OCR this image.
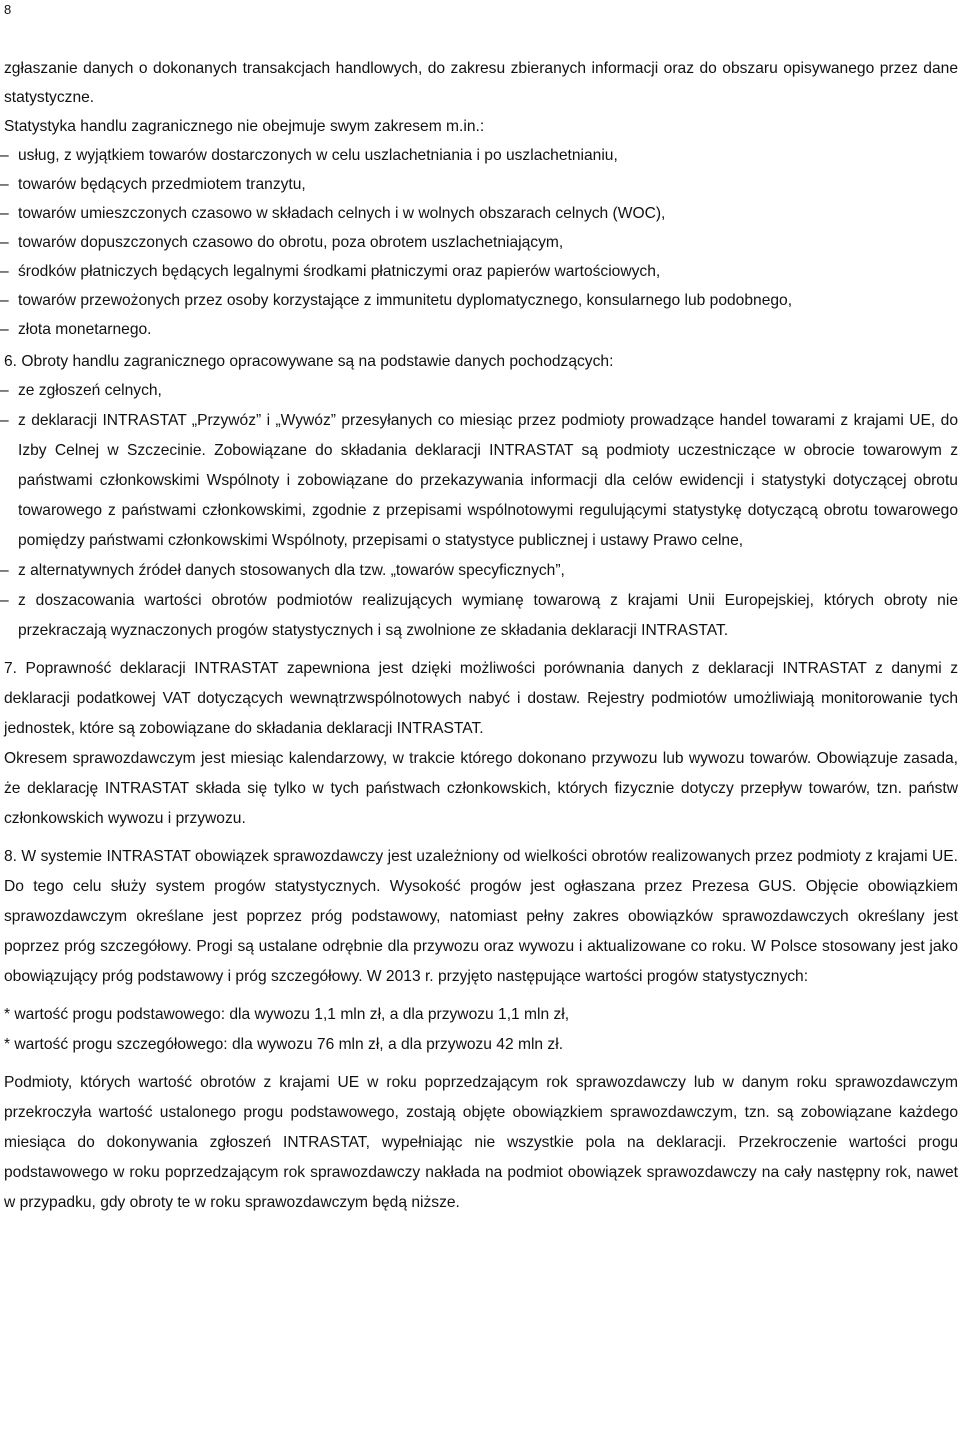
8

zgłaszanie danych o dokonanych transakcjach handlowych, do zakresu zbieranych informacji oraz do obszaru opisywanego przez dane statystyczne.

Statystyka handlu zagranicznego nie obejmuje swym zakresem m.in.:

– usług, z wyjątkiem towarów dostarczonych w celu uszlachetniania i po uszlachetnianiu,
– towarów będących przedmiotem tranzytu,
– towarów umieszczonych czasowo w składach celnych i w wolnych obszarach celnych (WOC),
– towarów dopuszczonych czasowo do obrotu, poza obrotem uszlachetniającym,
– środków płatniczych będących legalnymi środkami płatniczymi oraz papierów wartościowych,
– towarów przewożonych przez osoby korzystające z immunitetu dyplomatycznego, konsularnego lub podobnego,
– złota monetarnego.

6. Obroty handlu zagranicznego opracowywane są na podstawie danych pochodzących:

– ze zgłoszeń celnych,
– z deklaracji INTRASTAT „Przywóz” i „Wywóz” przesyłanych co miesiąc przez podmioty prowadzące handel towarami z krajami UE, do Izby Celnej w Szczecinie. Zobowiązane do składania deklaracji INTRASTAT są podmioty uczestniczące w obrocie towarowym z państwami członkowskimi Wspólnoty i zobowiązane do przekazywania informacji dla celów ewidencji i statystyki dotyczącej obrotu towarowego z państwami członkowskimi, zgodnie z przepisami wspólnotowymi regulującymi statystykę dotyczącą obrotu towarowego pomiędzy państwami członkowskimi Wspólnoty, przepisami o statystyce publicznej i ustawy Prawo celne,
– z alternatywnych źródeł danych stosowanych dla tzw. „towarów specyficznych”,
– z doszacowania wartości obrotów podmiotów realizujących wymianę towarową z krajami Unii Europejskiej, których obroty nie przekraczają wyznaczonych progów statystycznych i są zwolnione ze składania deklaracji INTRASTAT.

7. Poprawność deklaracji INTRASTAT zapewniona jest dzięki możliwości porównania danych z deklaracji INTRASTAT z danymi z deklaracji podatkowej VAT dotyczących wewnątrzwspólnotowych nabyć i dostaw. Rejestry podmiotów umożliwiają monitorowanie tych jednostek, które są zobowiązane do składania deklaracji INTRASTAT.

Okresem sprawozdawczym jest miesiąc kalendarzowy, w trakcie którego dokonano przywozu lub wywozu towarów. Obowiązuje zasada, że deklarację INTRASTAT składa się tylko w tych państwach członkowskich, których fizycznie dotyczy przepływ towarów, tzn. państw członkowskich wywozu i przywozu.

8. W systemie INTRASTAT obowiązek sprawozdawczy jest uzależniony od wielkości obrotów realizowanych przez podmioty z krajami UE. Do tego celu służy system progów statystycznych. Wysokość progów jest ogłaszana przez Prezesa GUS. Objęcie obowiązkiem sprawozdawczym określane jest poprzez próg podstawowy, natomiast pełny zakres obowiązków sprawozdawczych określany jest poprzez próg szczegółowy. Progi są ustalane odrębnie dla przywozu oraz wywozu i aktualizowane co roku. W Polsce stosowany jest jako obowiązujący próg podstawowy i próg szczegółowy. W 2013 r. przyjęto następujące wartości progów statystycznych:

* wartość progu podstawowego: dla wywozu 1,1 mln zł, a dla przywozu 1,1 mln zł,

* wartość progu szczegółowego: dla wywozu 76 mln zł, a dla przywozu 42 mln zł.

Podmioty, których wartość obrotów z krajami UE w roku poprzedzającym rok sprawozdawczy lub w danym roku sprawozdawczym przekroczyła wartość ustalonego progu podstawowego, zostają objęte obowiązkiem sprawozdawczym, tzn. są zobowiązane każdego miesiąca do dokonywania zgłoszeń INTRASTAT, wypełniając nie wszystkie pola na deklaracji. Przekroczenie wartości progu podstawowego w roku poprzedzającym rok sprawozdawczy nakłada na podmiot obowiązek sprawozdawczy na cały następny rok, nawet w przypadku, gdy obroty te w roku sprawozdawczym będą niższe.
